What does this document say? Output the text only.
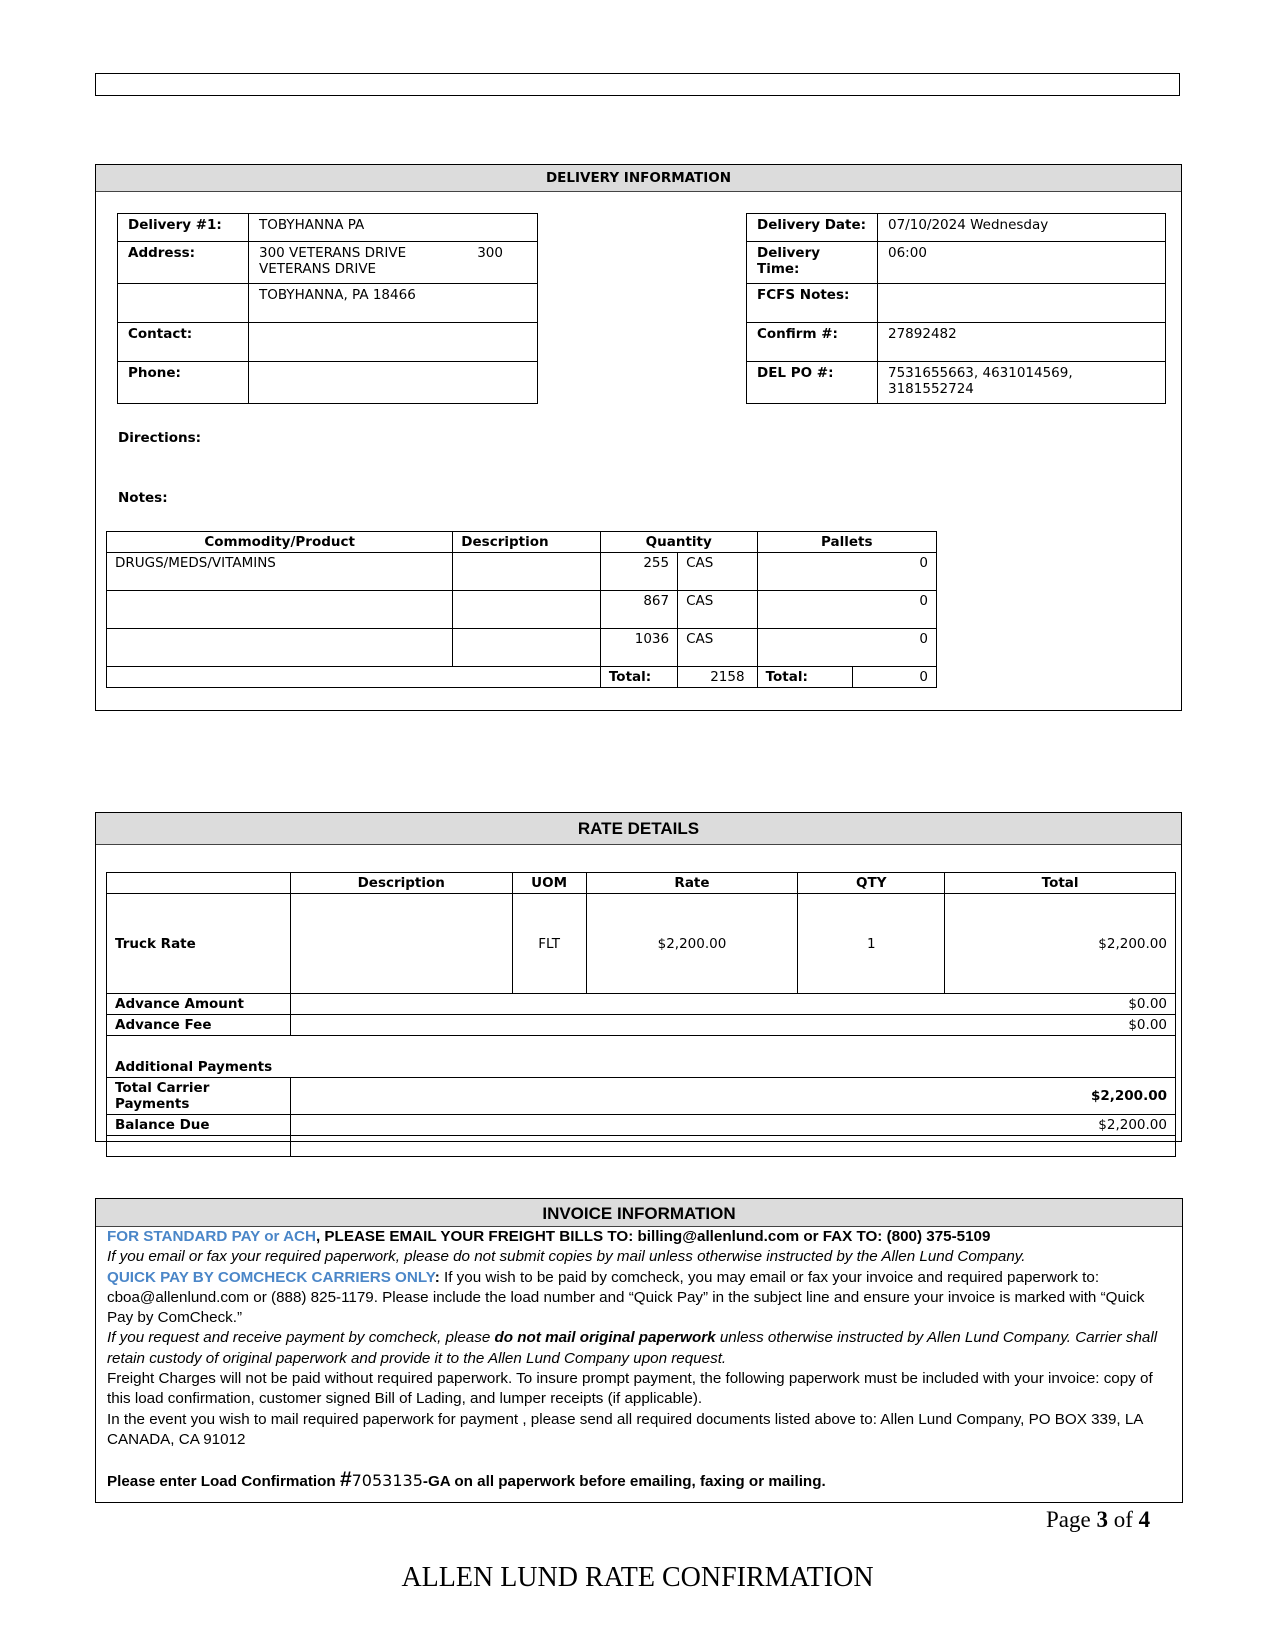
DELIVERY INFORMATION
Delivery #1:	TOBYHANNA PA
Address:	300 VETERANS DRIVE 300
VETERANS DRIVE

	TOBYHANNA, PA 18466
Contact:	
Phone:	
Delivery Date:	07/10/2024 Wednesday
Delivery Time:	06:00
FCFS Notes:	
Confirm #:	27892482
DEL PO #:	7531655663, 4631014569,
3181552724
Directions:
Notes:
Commodity/Product	Description	Quantity		Pallets	
DRUGS/MEDS/VITAMINS		255	CAS	0	
		867	CAS	0	
		1036	CAS	0	
		Total:	2158	Total:	0
RATE DETAILS
	Description	UOM	Rate	QTY	Total
Truck Rate		FLT	$2,200.00	1	$2,200.00
Advance Amount	$0.00				
Advance Fee	$0.00				
Additional Payments					
Total Carrier Payments	$2,200.00				
Balance Due	$2,200.00				

INVOICE INFORMATION
FOR STANDARD PAY or ACH, PLEASE EMAIL YOUR FREIGHT BILLS TO: billing@allenlund.com or FAX TO: (800) 375-5109
If you email or fax your required paperwork, please do not submit copies by mail unless otherwise instructed by the Allen Lund Company.
QUICK PAY BY COMCHECK CARRIERS ONLY: If you wish to be paid by comcheck, you may email or fax your invoice and required paperwork to: cboa@allenlund.com or (888) 825-1179. Please include the load number and “Quick Pay” in the subject line and ensure your invoice is marked with “Quick Pay by ComCheck.”
If you request and receive payment by comcheck, please do not mail original paperwork unless otherwise instructed by Allen Lund Company. Carrier shall retain custody of original paperwork and provide it to the Allen Lund Company upon request.
Freight Charges will not be paid without required paperwork. To insure prompt payment, the following paperwork must be included with your invoice: copy of this load confirmation, customer signed Bill of Lading, and lumper receipts (if applicable).
In the event you wish to mail required paperwork for payment , please send all required documents listed above to: Allen Lund Company, PO BOX 339, LA CANADA, CA 91012
Please enter Load Confirmation #7053135-GA on all paperwork before emailing, faxing or mailing.
Page 3 of 4
ALLEN LUND RATE CONFIRMATION
